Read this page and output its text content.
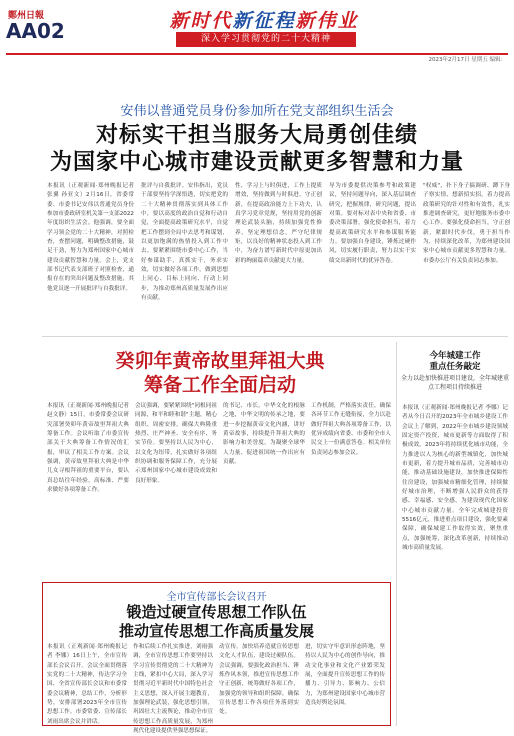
鄭州日報
AA02	新时代新征程新伟业
深入学习贯彻党的二十大精神
2023年2月17日 星期五 编辑：
安伟以普通党员身份参加所在党支部组织生活会
对标实干担当服务大局勇创佳绩
为国家中心城市建设贡献更多智慧和力量
本报讯（正观新闻·郑州晚报记者 张翼 孙亚文）2月16日，省委常委、市委书记安伟以普通党员身份参加市委政研室机关第一支部2022年度组织生活会。他强调，要全面学习领会党的二十大精神，对照检查，查摆问题，明确整改措施，鼓足干劲，努力为郑州国家中心城市建设贡献智慧和力量。会上，党支部书记代表支部班子对照检查，通报存在的突出问题及整改措施，其他党员逐一开展批评与自我批评。
批评与自我批评。安伟指出，党员干部要坚持学深悟透，切实把党的二十大精神贯彻落实到具体工作中，要以高度的政治自觉和行动自觉，全面提高政策研究水平，自觉把工作摆到全局中去思考和谋划，以更加饱满的热情投入到工作中去。要紧紧围绕市委中心工作，当好参谋助手，真抓实干，务求实效，切实做好各项工作，做到思想上同心、目标上同向、行动上同步，为推动郑州高质量发展作出应有贡献。
性，学习上与时俱进，工作上提质增效，坚持做到与时俱进、守正创新，在提高政治能力上下功夫，认真学习党章党规，坚持用党的创新理论武装头脑，持续加强党性修养，坚定理想信念，严守纪律规矩，以良好的精神状态投入到工作中，为奋力谱写新时代中原更加出彩的绚丽篇章贡献更大力量。
导为市委提供决策参考和政策建议，坚持问题导向，深入基层调查研究，把握规律，研究问题，提出对策。要对标对表中央和省委、市委决策部署，强化使命担当，着力提高政策研究水平和参谋服务能力。要加强自身建设，锤炼过硬作风，切实履行职责，努力以实干实绩交出新时代的优异答卷。
"权威"，扑下身子搞调研、蹲下身子察实情、想新招实招，着力提高政策研究的针对性和有效性，扎实推进调查研究，更好地服务市委中心工作。要强化使命担当，守正创新，紧跟时代步伐，勇于担当作为，持续深化改革，为郑州建设国家中心城市贡献更多智慧和力量。市委办公厅有关负责同志参加。
癸卯年黄帝故里拜祖大典
筹备工作全面启动
本报讯（正观新闻·郑州晚报记者 赵文静）15日，市委常委会议研究部署癸卯年黄帝故里拜祖大典筹备工作。会议听取了市委宣传部关于大典筹备工作情况的汇报，审议了相关工作方案。会议强调，黄帝故里拜祖大典是中华儿女寻根拜祖的重要平台，要认真总结往年经验，高标准、严要求做好各项筹备工作。
会议强调，要紧紧围绕"同根同祖同源，和平和睦和谐"主题，精心组织、周密安排，确保大典隆重热烈、庄严神圣、安全有序、务实节俭。要坚持以人民为中心，以文化为纽带，扎实做好各项组织协调和服务保障工作，充分展示郑州国家中心城市建设成效和良好形象。
的书记、市长。中华文化的根脉之地，中华文明的传承之地，要进一步挖掘黄帝文化内涵，讲好黄帝故事，持续提升拜祖大典的影响力和美誉度，为凝聚全球华人力量、促进祖国统一作出应有贡献。
工作机制，严格落实责任，确保各环节工作无缝衔接，全力以赴做好拜祖大典各项筹备工作，以优异成绩向省委、市委和全市人民交上一份满意答卷。相关单位负责同志参加会议。
今年城建工作
重点任务敲定
全力以赴加快推进项目建设，全年城建重点工程项目持续推进
本报讯（正观新闻·郑州晚报记者 李娜）记者从今日召开的2023年全市城乡建设工作会议上了解到，2022年全市城乡建设领域固定资产投资、城市更新等方面取得了积极成效。2023年将持续优化城市功能，全力推进以人为核心的新型城镇化，加快城市更新，着力提升城市品质，完善城市功能，推动基础设施建设，加快推进保障性住房建设，加强城市精细化管理，持续做好城市治理，不断增强人民群众的获得感、幸福感、安全感，为建设现代化国家中心城市贡献力量。全年完成城建投资5516亿元，推进重点项目建设，强化要素保障，确保城建工作取得实效，聚焦重点，加强统筹，深化改革创新，持续推动城市高质量发展。
全市宣传部长会议召开
锻造过硬宣传思想工作队伍
推动宣传思想工作高质量发展
本报讯（正观新闻·郑州晚报记者 李娜）16日上午，全市宣传部长会议召开。会议全面贯彻落实党的二十大精神，传达学习全国、全省宣传部长会议和市委常委会议精神，总结工作，分析形势，安排部署2023年全市宣传思想工作。市委常委、宣传部长刘雨出席会议并讲话。
作和后续工作扎实推进，刘雨强调，全市宣传思想工作要坚持以学习宣传贯彻党的二十大精神为主线，紧扣中心大局，深入学习贯彻习近平新时代中国特色社会主义思想，深入开展主题教育，加强理论武装，强化思想引领，巩固壮大主流舆论，推动全市宣传思想工作高质量发展，为郑州现代化建设提供坚强思想保证。
动宣传。加快培养造就宣传思想文化人才队伍，建设过硬队伍。会议强调，要强化政治担当、锤炼作风本领，推进宣传思想工作守正创新，统筹做好各项工作，加强党的领导和组织保障，确保宣传思想工作各项任务落到实处。
进，切实守牢意识形态阵地，坚持以人民为中心的创作导向，推动文化事业和文化产业繁荣发展，全面提升宣传思想工作的传播力、引导力、影响力、公信力，为郑州建设国家中心城市营造良好舆论氛围。
